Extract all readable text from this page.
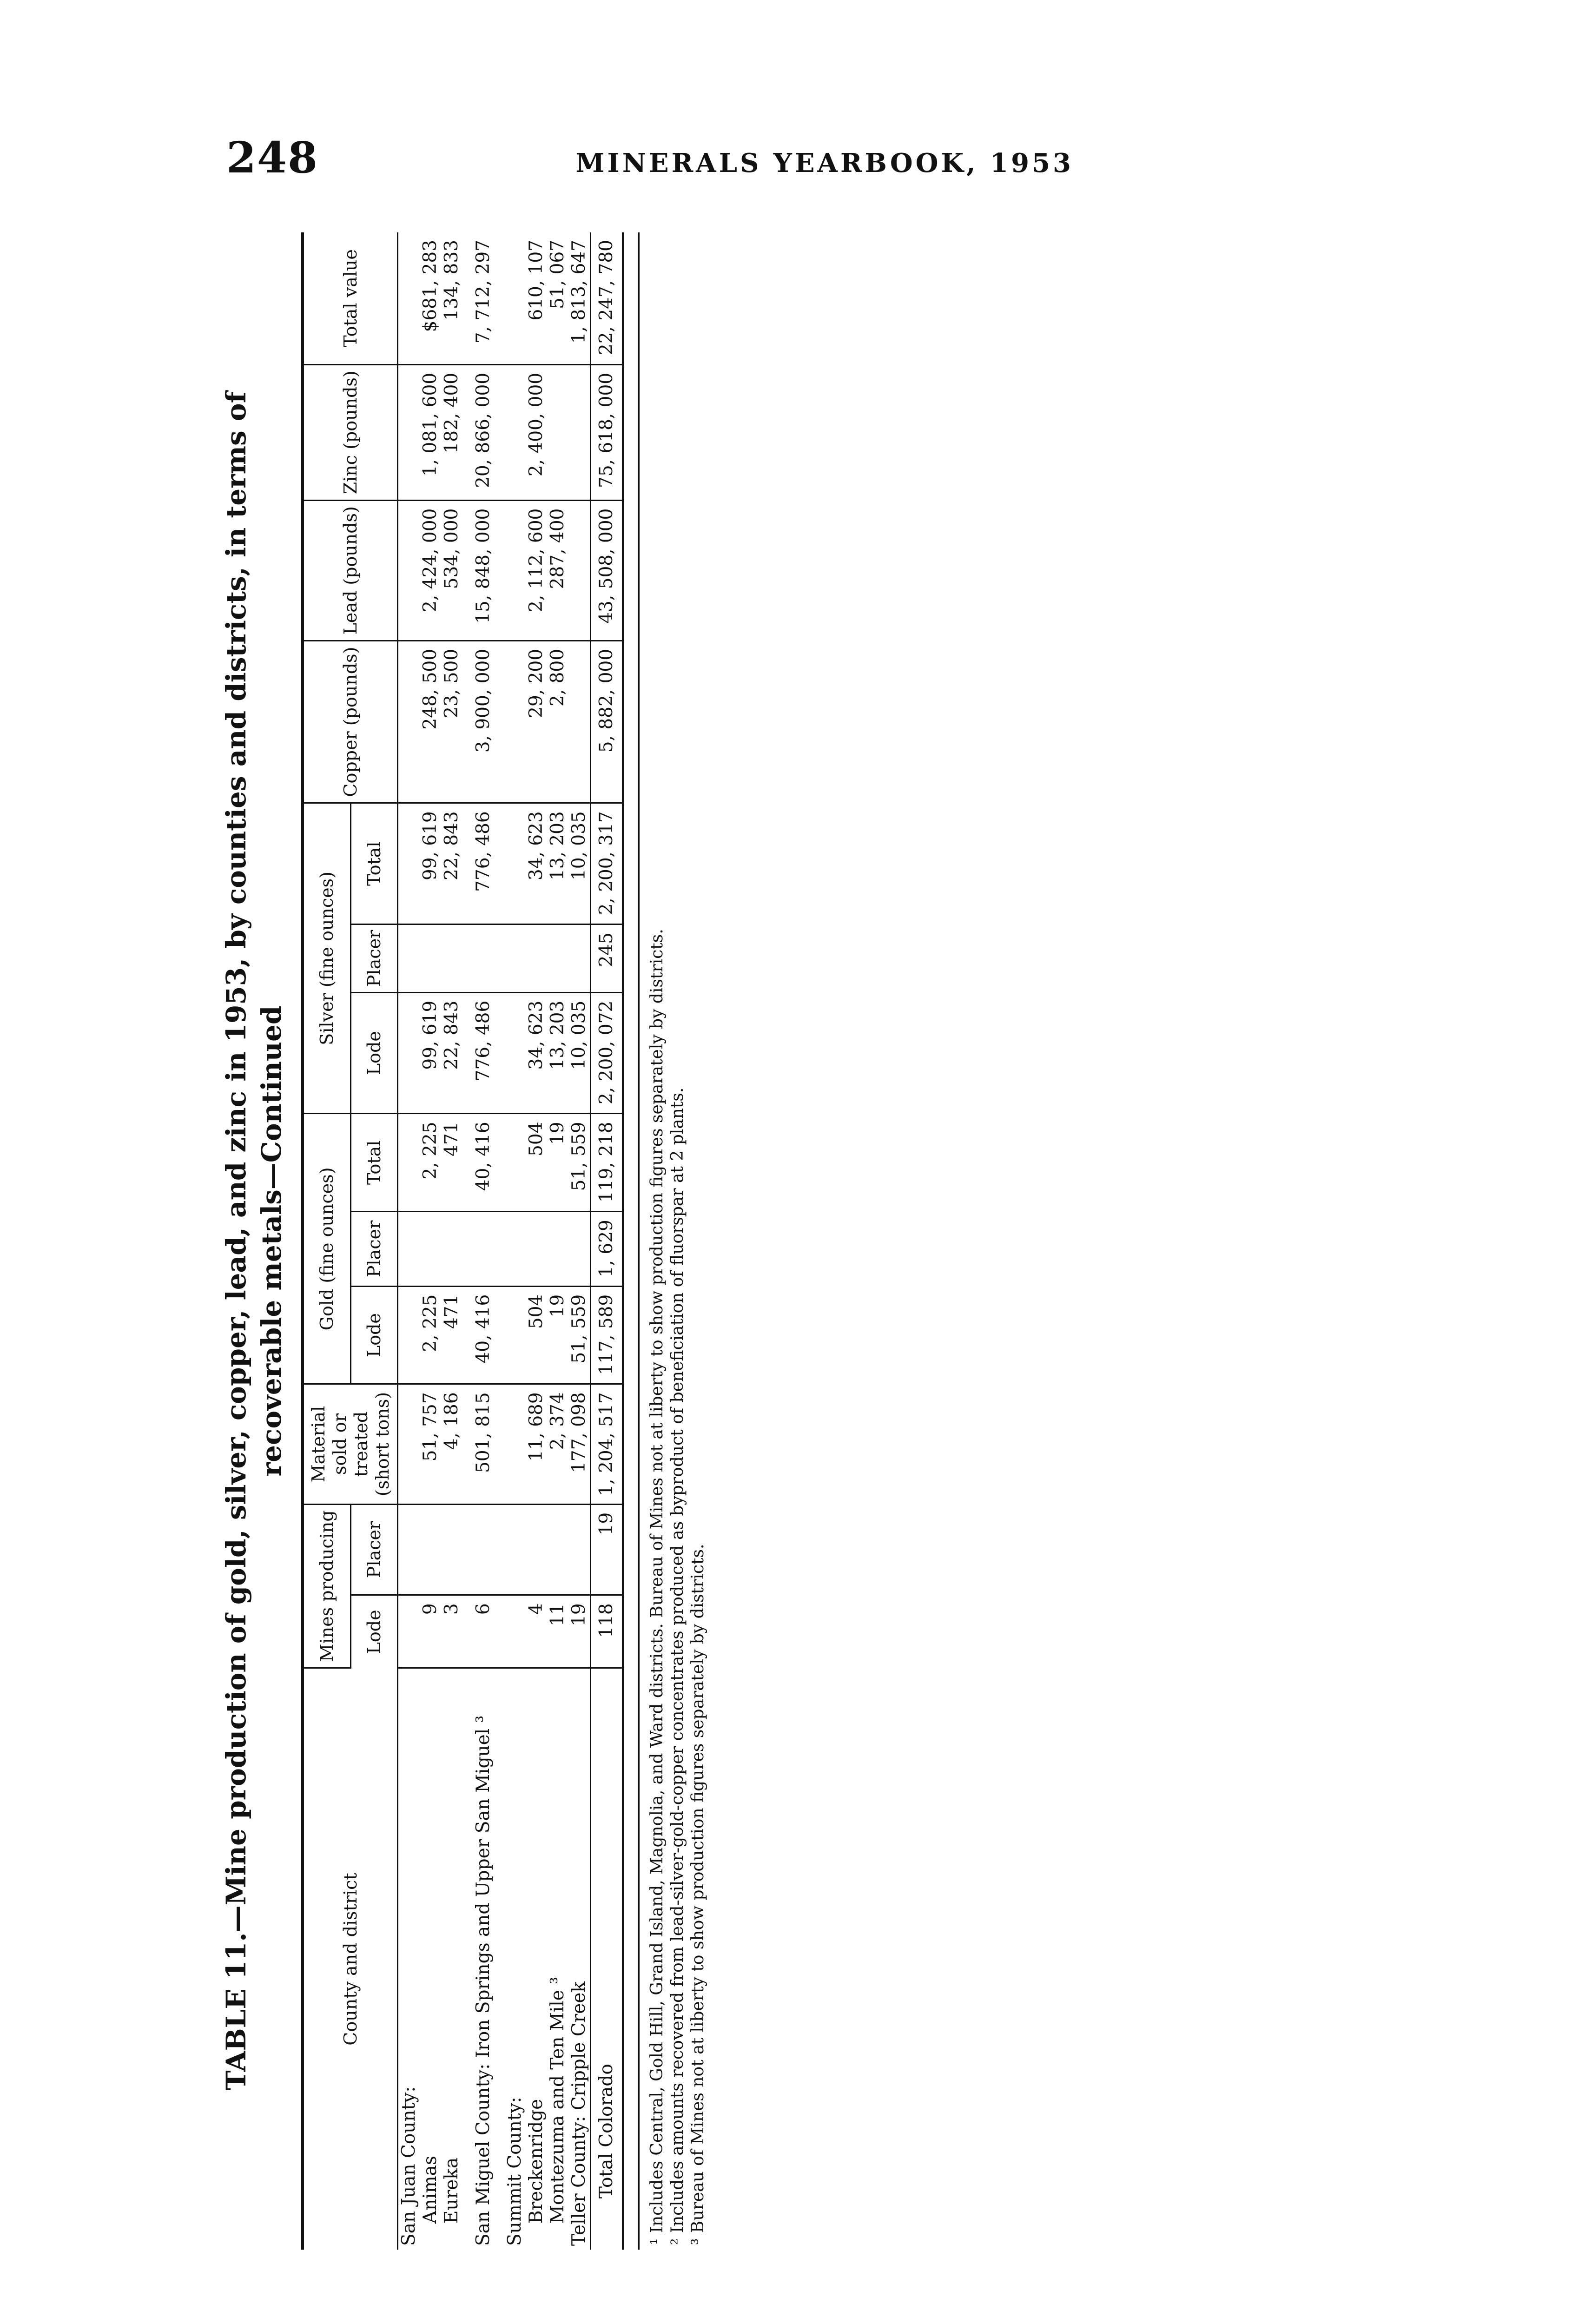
248	MINERALS YEARBOOK, 1953
TABLE 11.—Mine production of gold, silver, copper, lead, and zinc in 1953, by counties and districts, in terms of recoverable metals—Continued
County and district	Mines producing		Material sold or treated (short tons)	Gold (fine ounces)			Silver (fine ounces)			Copper (pounds)	Lead (pounds)	Zinc (pounds)	Total value
	Lode	Placer		Lode	Placer	Total	Lode	Placer	Total				
San Juan County:													
Animas	9		51, 757	2, 225		2, 225	99, 619		99, 619	248, 500	2, 424, 000	1, 081, 600	$681, 283
Eureka	3		4, 186	471		471	22, 843		22, 843	23, 500	534, 000	182, 400	134, 833

San Miguel County: Iron Springs and Upper San Miguel ³	6		501, 815	40, 416		40, 416	776, 486		776, 486	3, 900, 000	15, 848, 000	20, 866, 000	7, 712, 297

Summit County:													
Breckenridge	4		11, 689	504		504	34, 623		34, 623	29, 200	2, 112, 600	2, 400, 000	610, 107
Montezuma and Ten Mile ³	11		2, 374	19		19	13, 203		13, 203	2, 800	287, 400		51, 067
Teller County: Cripple Creek	19		177, 098	51, 559		51, 559	10, 035		10, 035				1, 813, 647
Total Colorado	118	19	1, 204, 517	117, 589	1, 629	119, 218	2, 200, 072	245	2, 200, 317	5, 882, 000	43, 508, 000	75, 618, 000	22, 247, 780
¹ Includes Central, Gold Hill, Grand Island, Magnolia, and Ward districts. Bureau of Mines not at liberty to show production figures separately by districts. ² Includes amounts recovered from lead-silver-gold-copper concentrates produced as byproduct of beneficiation of fluorspar at 2 plants. ³ Bureau of Mines not at liberty to show production figures separately by districts.
